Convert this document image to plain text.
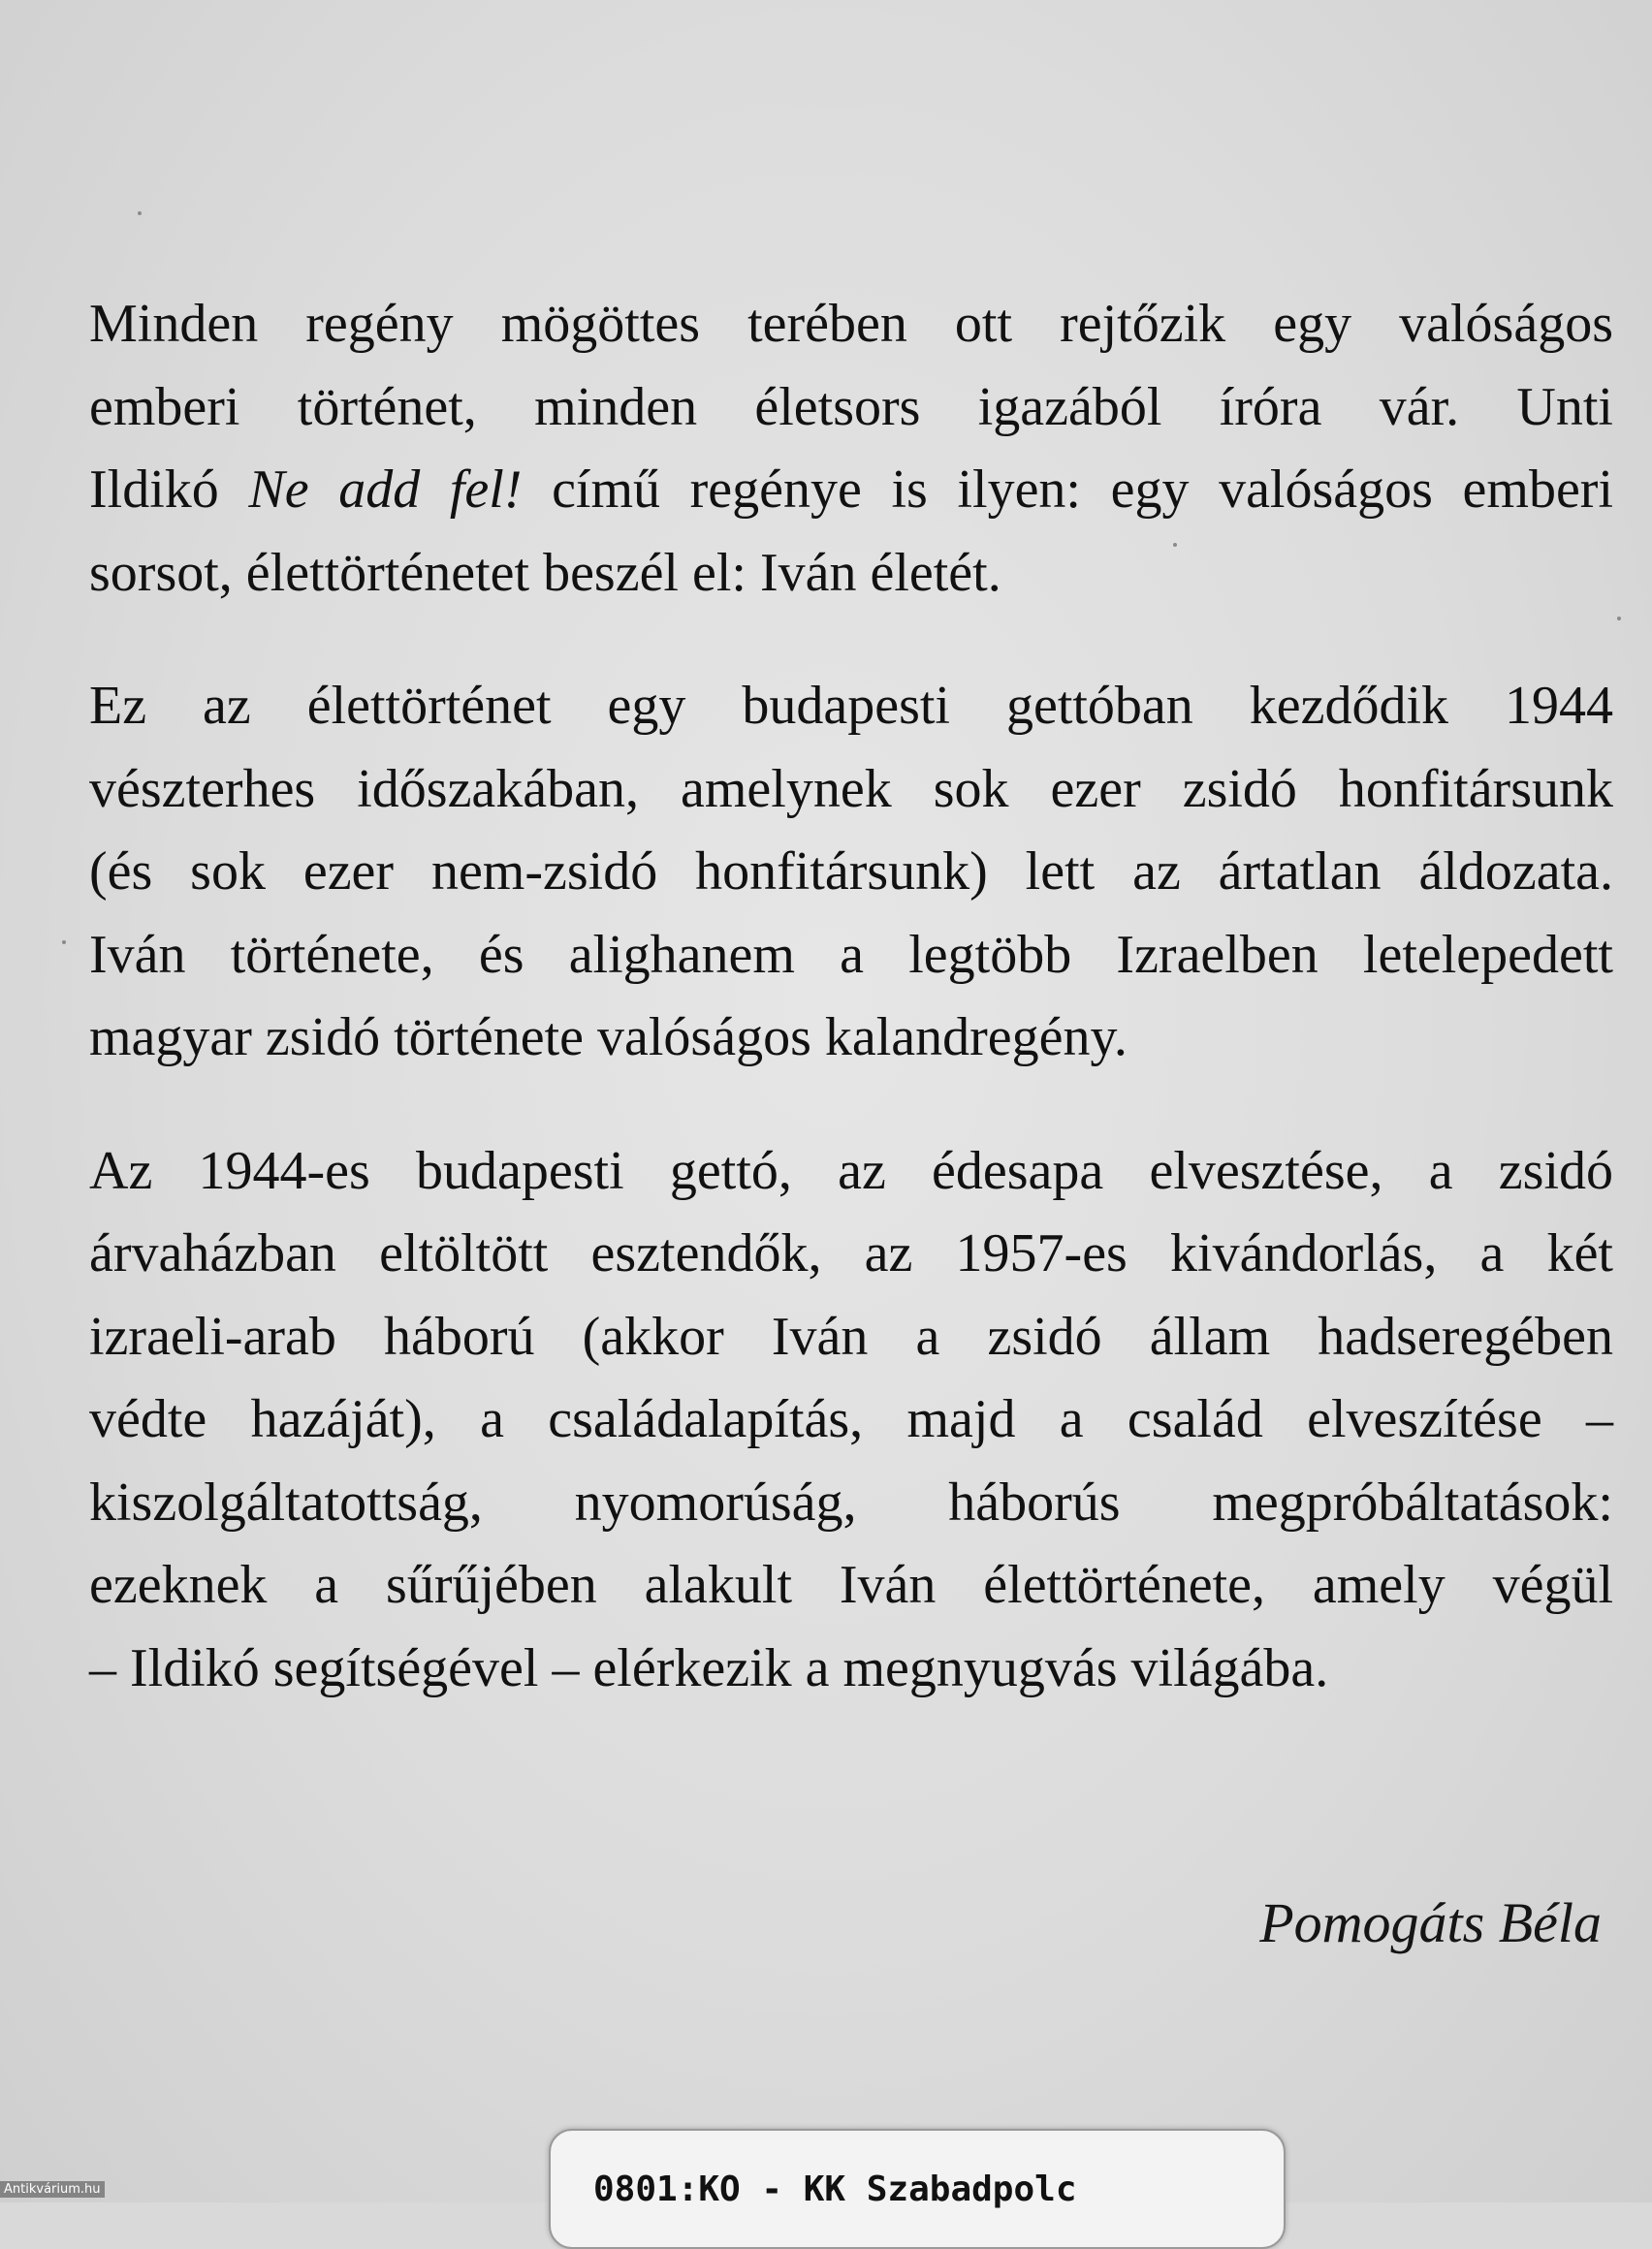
Minden regény mögöttes terében ott rejtőzik egy valóságos
emberi történet, minden életsors igazából íróra vár. Unti
Ildikó Ne add fel! című regénye is ilyen: egy valóságos emberi
sorsot, élettörténetet beszél el: Iván életét.
Ez az élettörténet egy budapesti gettóban kezdődik 1944
vészterhes időszakában, amelynek sok ezer zsidó honfitársunk
(és sok ezer nem-zsidó honfitársunk) lett az ártatlan áldozata.
Iván története, és alighanem a legtöbb Izraelben letelepedett
magyar zsidó története valóságos kalandregény.
Az 1944-es budapesti gettó, az édesapa elvesztése, a zsidó
árvaházban eltöltött esztendők, az 1957-es kivándorlás, a két
izraeli-arab háború (akkor Iván a zsidó állam hadseregében
védte hazáját), a családalapítás, majd a család elveszítése –
kiszolgáltatottság, nyomorúság, háborús megpróbáltatások:
ezeknek a sűrűjében alakult Iván élettörténete, amely végül
– Ildikó segítségével – elérkezik a megnyugvás világába.
Pomogáts Béla
0801:KO - KK Szabadpolc
Antikvárium.hu
